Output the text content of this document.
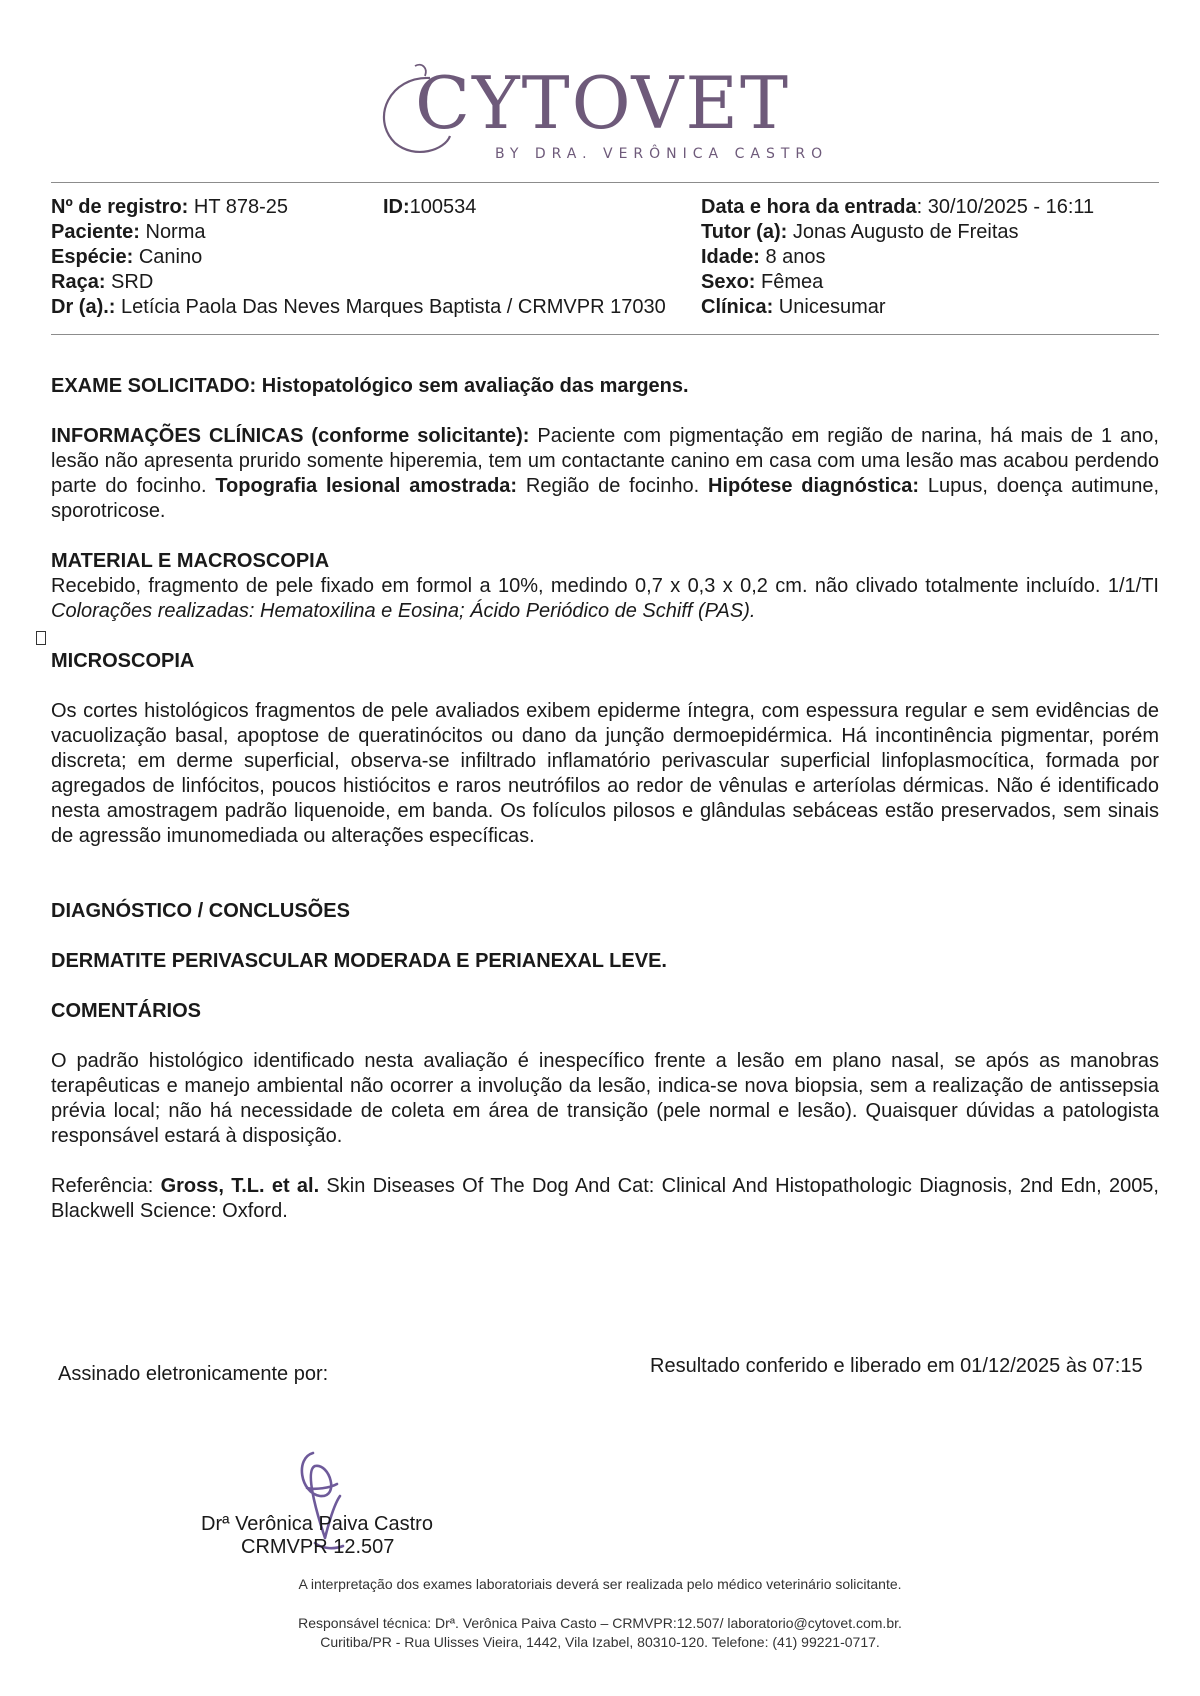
CYTOVET
BY DRA. VERÔNICA CASTRO
Nº de registro: HT 878-25	ID:100534	Data e hora da entrada: 30/10/2025 - 16:11
Paciente: Norma	Tutor (a): Jonas Augusto de Freitas
Espécie: Canino	Idade: 8 anos
Raça: SRD	Sexo: Fêmea
Dr (a).: Letícia Paola Das Neves Marques Baptista / CRMVPR 17030 Clínica: Unicesumar
EXAME SOLICITADO: Histopatológico sem avaliação das margens.
INFORMAÇÕES CLÍNICAS (conforme solicitante): Paciente com pigmentação em região de narina, há mais de 1 ano, lesão não apresenta prurido somente hiperemia, tem um contactante canino em casa com uma lesão mas acabou perdendo parte do focinho. Topografia lesional amostrada: Região de focinho. Hipótese diagnóstica: Lupus, doença autimune, sporotricose.
MATERIAL E MACROSCOPIA
Recebido, fragmento de pele fixado em formol a 10%, medindo 0,7 x 0,3 x 0,2 cm. não clivado totalmente incluído. 1/1/TI Colorações realizadas: Hematoxilina e Eosina; Ácido Periódico de Schiff (PAS).
MICROSCOPIA
Os cortes histológicos fragmentos de pele avaliados exibem epiderme íntegra, com espessura regular e sem evidências de vacuolização basal, apoptose de queratinócitos ou dano da junção dermoepidérmica. Há incontinência pigmentar, porém discreta; em derme superficial, observa-se infiltrado inflamatório perivascular superficial linfoplasmocítica, formada por agregados de linfócitos, poucos histiócitos e raros neutrófilos ao redor de vênulas e arteríolas dérmicas. Não é identificado nesta amostragem padrão liquenoide, em banda. Os folículos pilosos e glândulas sebáceas estão preservados, sem sinais de agressão imunomediada ou alterações específicas.
DIAGNÓSTICO / CONCLUSÕES
DERMATITE PERIVASCULAR MODERADA E PERIANEXAL LEVE.
COMENTÁRIOS
O padrão histológico identificado nesta avaliação é inespecífico frente a lesão em plano nasal, se após as manobras terapêuticas e manejo ambiental não ocorrer a involução da lesão, indica-se nova biopsia, sem a realização de antissepsia prévia local; não há necessidade de coleta em área de transição (pele normal e lesão). Quaisquer dúvidas a patologista responsável estará à disposição.
Referência: Gross, T.L. et al. Skin Diseases Of The Dog And Cat: Clinical And Histopathologic Diagnosis, 2nd Edn, 2005, Blackwell Science: Oxford.
Assinado eletronicamente por:	Resultado conferido e liberado em 01/12/2025 às 07:15
Drª Verônica Paiva Castro
CRMVPR 12.507
A interpretação dos exames laboratoriais deverá ser realizada pelo médico veterinário solicitante.
Responsável técnica: Drª. Verônica Paiva Casto – CRMVPR:12.507/ laboratorio@cytovet.com.br.
Curitiba/PR - Rua Ulisses Vieira, 1442, Vila Izabel, 80310-120. Telefone: (41) 99221-0717.
